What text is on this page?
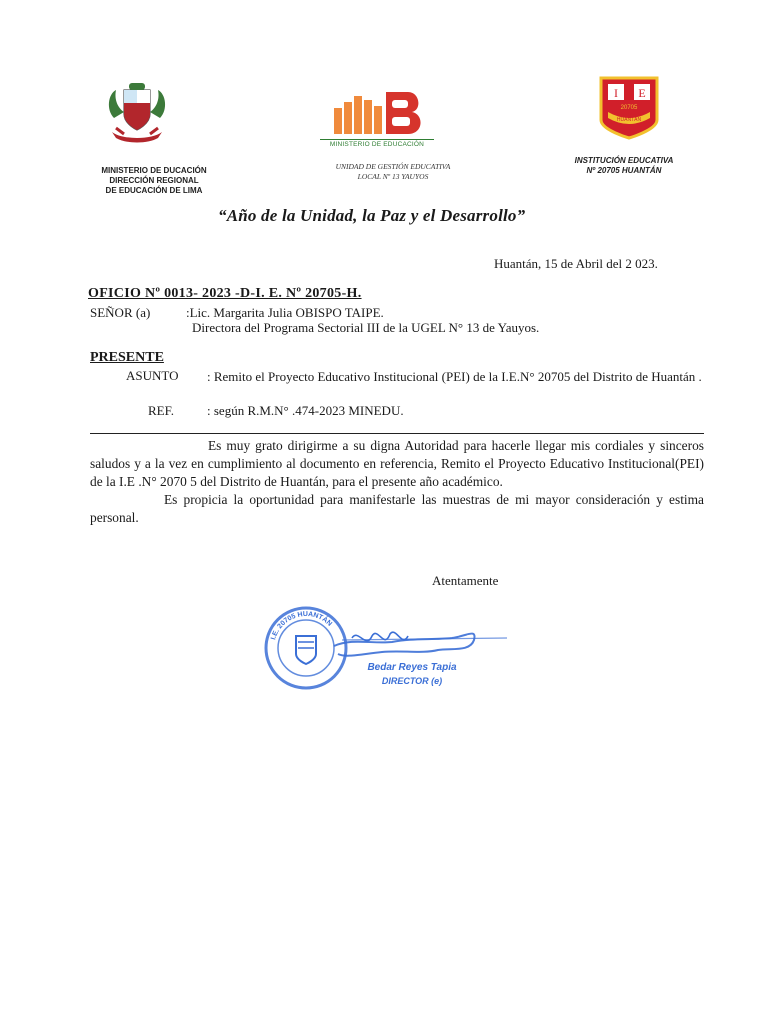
MINISTERIO DE EDUCACIÓN
I E
20705
HUANTÁN
MINISTERIO DE DUCACIÓN
DIRECCIÓN REGIONAL
DE EDUCACIÓN DE LIMA
UNIDAD DE GESTIÓN EDUCATIVA
LOCAL Nº 13 YAUYOS
INSTITUCIÓN EDUCATIVA
Nº 20705 HUANTÁN
“Año de la Unidad, la Paz y el Desarrollo”
Huantán, 15 de Abril del 2 023.
OFICIO Nº 0013- 2023 -D-I. E. Nº 20705-H.
SEÑOR (a)	:Lic. Margarita Julia OBISPO TAIPE.
Directora del Programa Sectorial III de la UGEL N° 13 de Yauyos.
PRESENTE
ASUNTO : Remito el Proyecto Educativo Institucional (PEI) de la I.E.N° 20705 del Distrito de Huantán .
REF.	: según R.M.N° .474-2023 MINEDU.

Es muy grato dirigirme a su digna Autoridad para hacerle llegar mis cordiales y sinceros saludos y a la vez en cumplimiento al documento en referencia, Remito el Proyecto Educativo Institucional(PEI) de la I.E .N° 2070 5 del Distrito de Huantán, para el presente año académico.

Es propicia la oportunidad para manifestarle las muestras de mi mayor consideración y estima personal.

Atentamente
I.E. 20705 HUANTÁN
Bedar Reyes Tapia
DIRECTOR (e)
